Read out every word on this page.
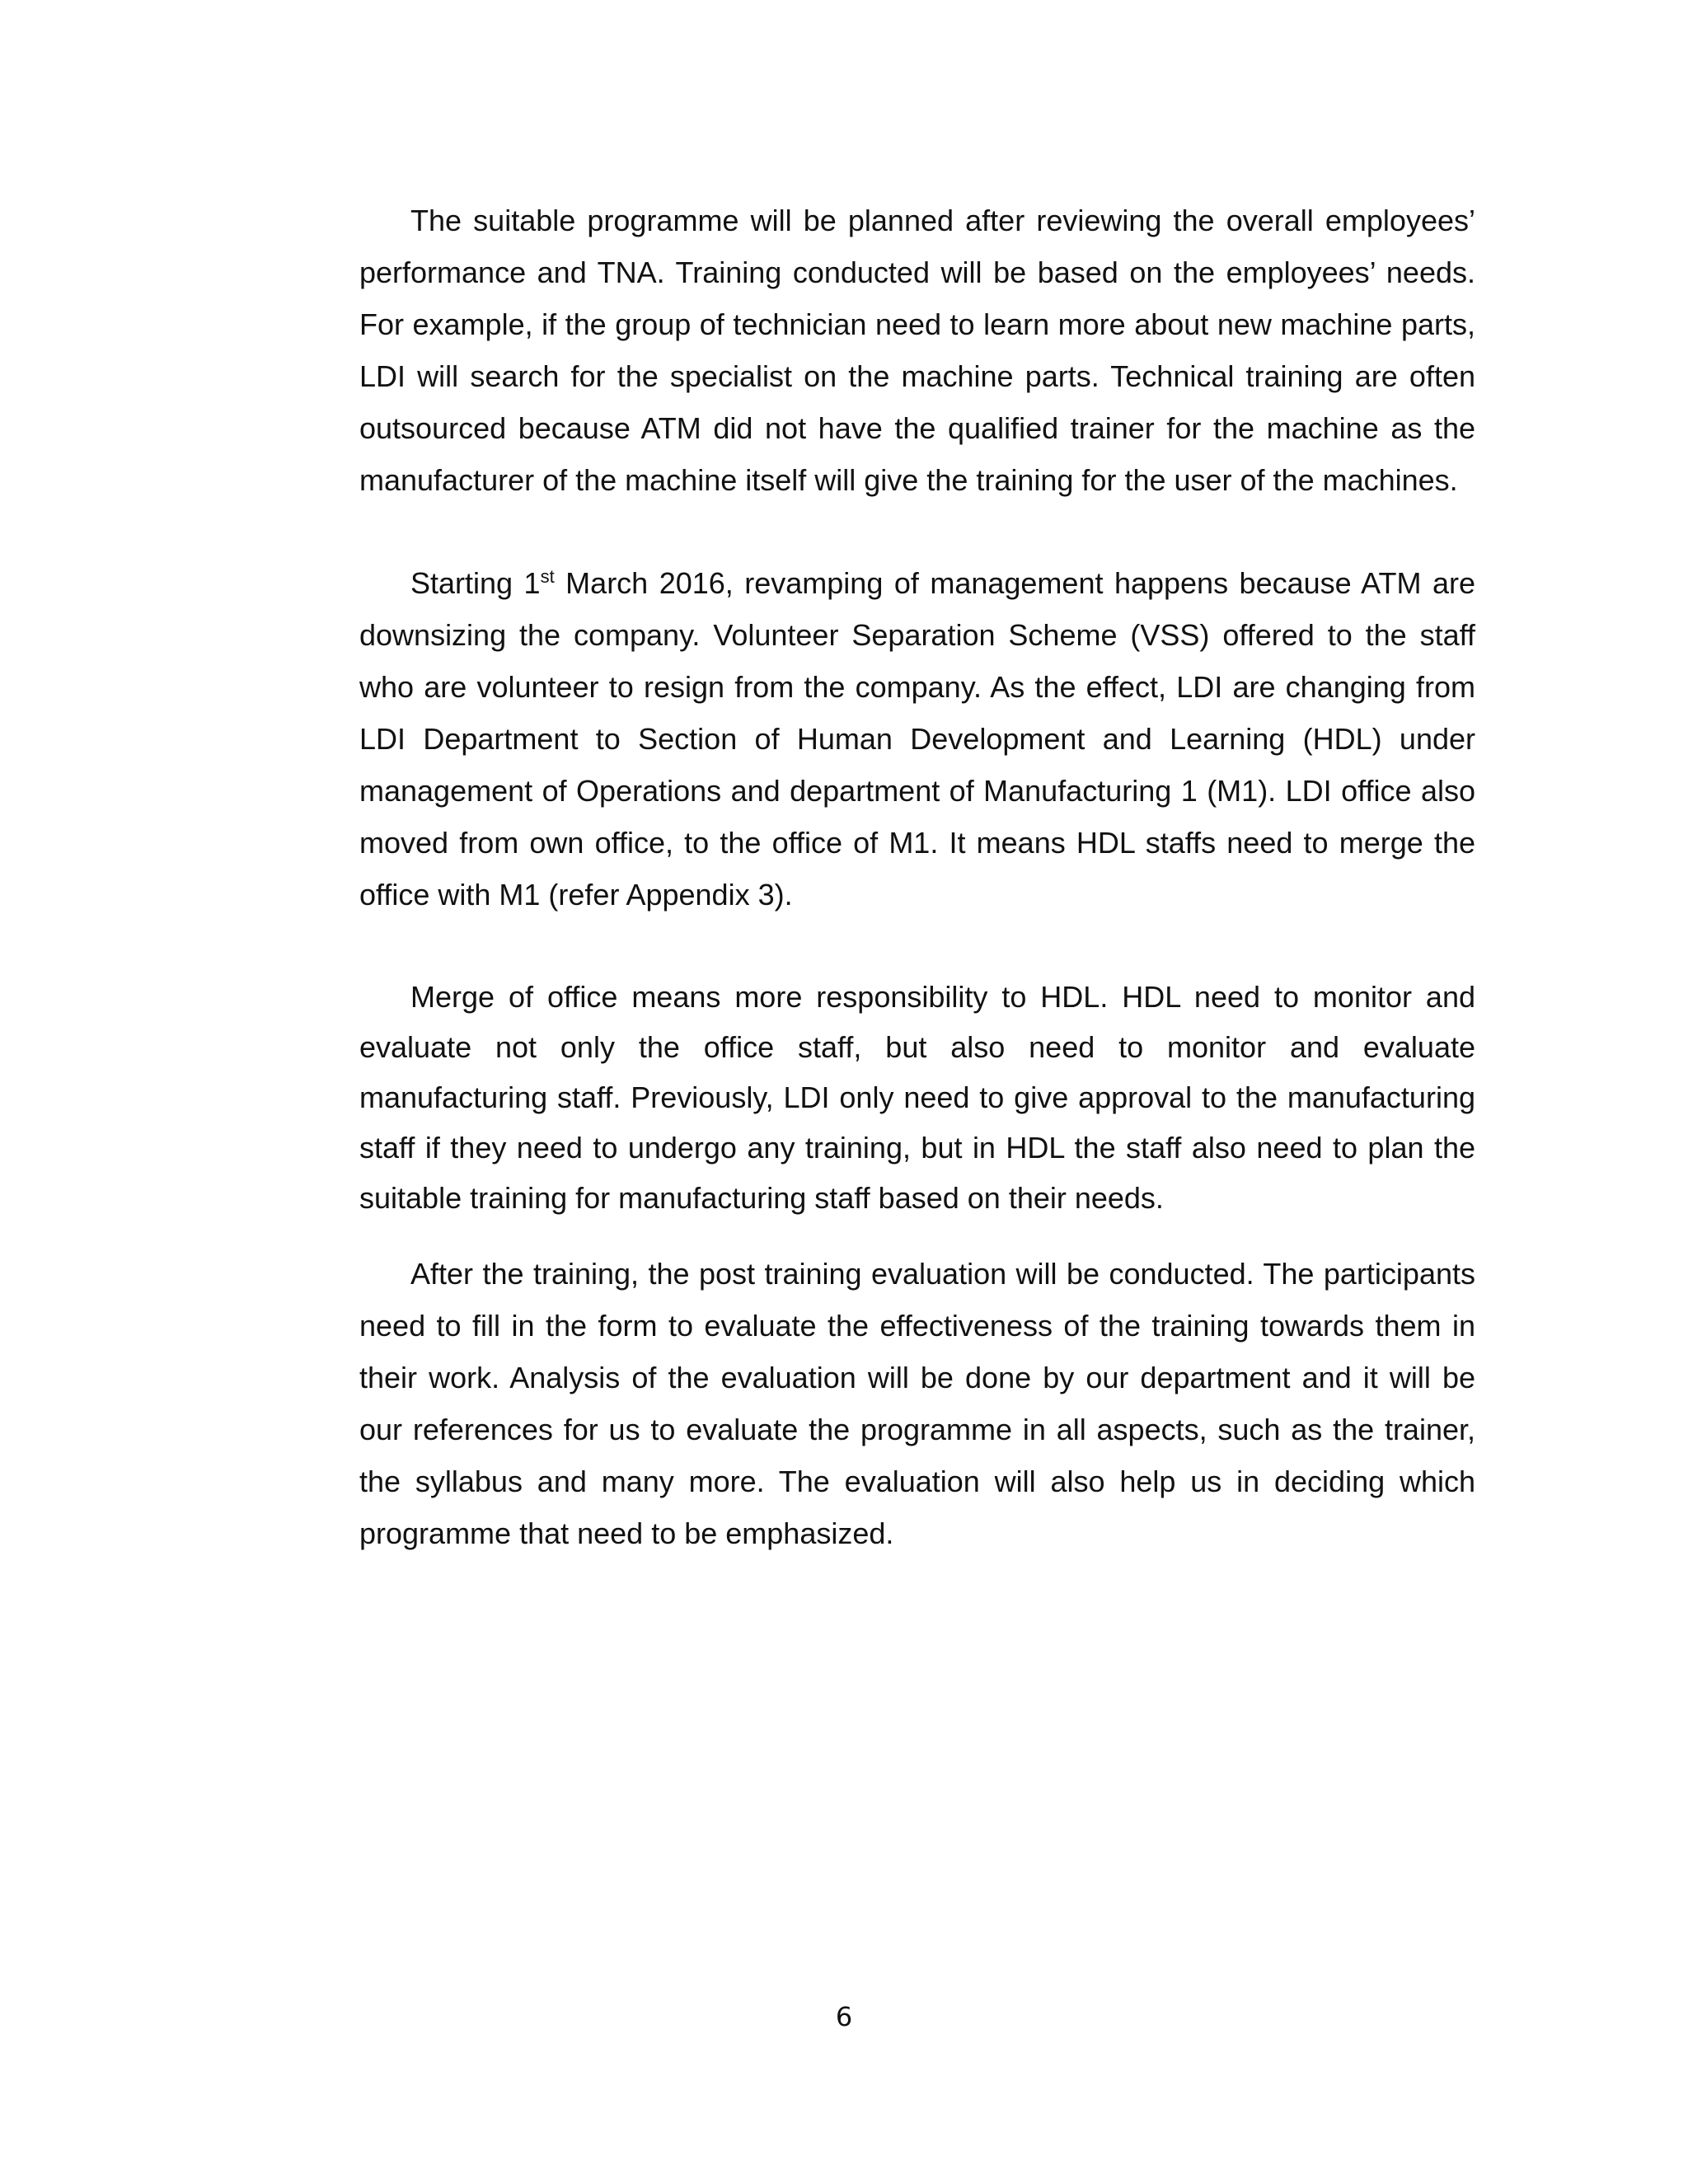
The suitable programme will be planned after reviewing the overall employees’ performance and TNA. Training conducted will be based on the employees’ needs. For example, if the group of technician need to learn more about new machine parts, LDI will search for the specialist on the machine parts. Technical training are often outsourced because ATM did not have the qualified trainer for the machine as the manufacturer of the machine itself will give the training for the user of the machines.

Starting 1st March 2016, revamping of management happens because ATM are downsizing the company. Volunteer Separation Scheme (VSS) offered to the staff who are volunteer to resign from the company. As the effect, LDI are changing from LDI Department to Section of Human Development and Learning (HDL) under management of Operations and department of Manufacturing 1 (M1). LDI office also moved from own office, to the office of M1. It means HDL staffs need to merge the office with M1 (refer Appendix 3).

Merge of office means more responsibility to HDL. HDL need to monitor and evaluate not only the office staff, but also need to monitor and evaluate manufacturing staff. Previously, LDI only need to give approval to the manufacturing staff if they need to undergo any training, but in HDL the staff also need to plan the suitable training for manufacturing staff based on their needs.

After the training, the post training evaluation will be conducted. The participants need to fill in the form to evaluate the effectiveness of the training towards them in their work. Analysis of the evaluation will be done by our department and it will be our references for us to evaluate the programme in all aspects, such as the trainer, the syllabus and many more. The evaluation will also help us in deciding which programme that need to be emphasized.

6
